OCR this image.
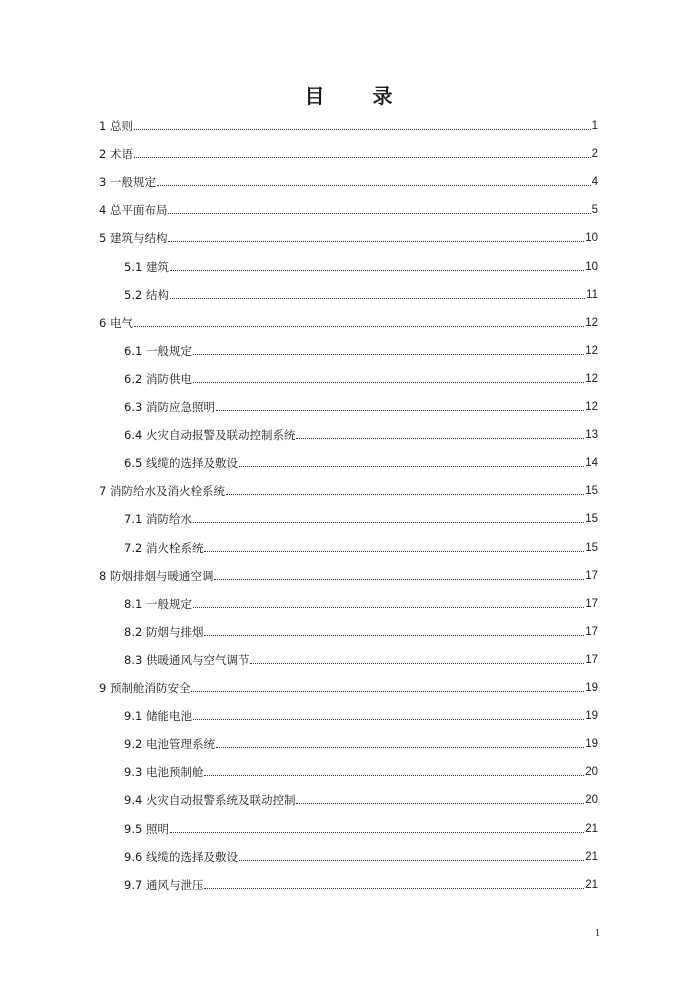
目 录
1 总则	1
2 术语	2
3 一般规定	4
4 总平面布局	5
5 建筑与结构	10
5.1 建筑	10
5.2 结构	11
6 电气	12
6.1 一般规定	12
6.2 消防供电	12
6.3 消防应急照明	12
6.4 火灾自动报警及联动控制系统	13
6.5 线缆的选择及敷设	14
7 消防给水及消火栓系统	15
7.1 消防给水	15
7.2 消火栓系统	15
8 防烟排烟与暖通空调	17
8.1 一般规定	17
8.2 防烟与排烟	17
8.3 供暖通风与空气调节	17
9 预制舱消防安全	19
9.1 储能电池	19
9.2 电池管理系统	19
9.3 电池预制舱	20
9.4 火灾自动报警系统及联动控制	20
9.5 照明	21
9.6 线缆的选择及敷设	21
9.7 通风与泄压	21
1
